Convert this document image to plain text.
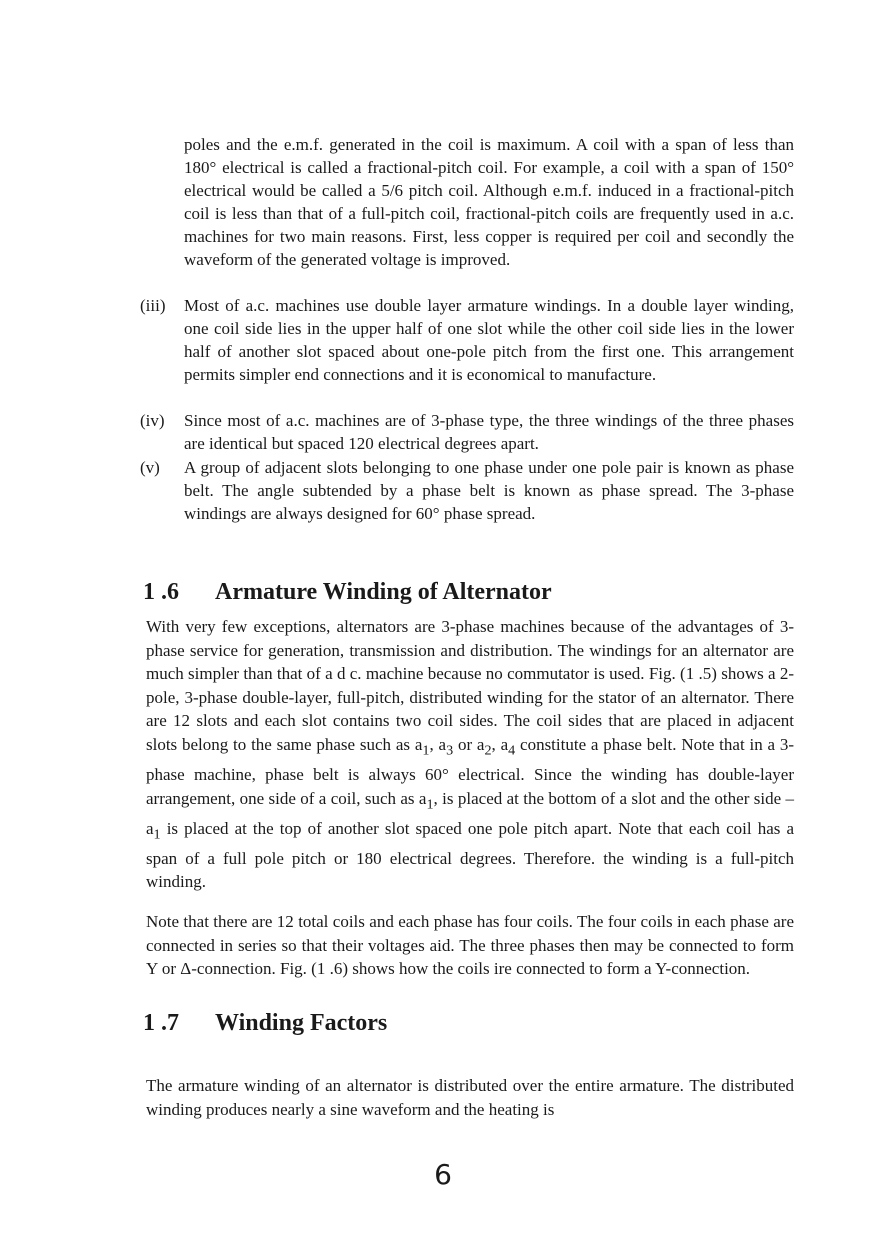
poles and the e.m.f. generated in the coil is maximum. A coil with a span of less than 180° electrical is called a fractional-pitch coil. For example, a coil with a span of 150° electrical would be called a 5/6 pitch coil. Although e.m.f. induced in a fractional-pitch coil is less than that of a full-pitch coil, fractional-pitch coils are frequently used in a.c. machines for two main reasons. First, less copper is required per coil and secondly the waveform of the generated voltage is improved.

(iii) Most of a.c. machines use double layer armature windings. In a double layer winding, one coil side lies in the upper half of one slot while the other coil side lies in the lower half of another slot spaced about one-pole pitch from the first one. This arrangement permits simpler end connections and it is economical to manufacture.

(iv) Since most of a.c. machines are of 3-phase type, the three windings of the three phases are identical but spaced 120 electrical degrees apart.

(v) A group of adjacent slots belonging to one phase under one pole pair is known as phase belt. The angle subtended by a phase belt is known as phase spread. The 3-phase windings are always designed for 60° phase spread.

1 .6 Armature Winding of Alternator

With very few exceptions, alternators are 3-phase machines because of the advantages of 3-phase service for generation, transmission and distribution. The windings for an alternator are much simpler than that of a d c. machine because no commutator is used. Fig. (1 .5) shows a 2-pole, 3-phase double-layer, full-pitch, distributed winding for the stator of an alternator. There are 12 slots and each slot contains two coil sides. The coil sides that are placed in adjacent slots belong to the same phase such as $a_1$, $a_3$ or $a_2$, $a_4$ constitute a phase belt. Note that in a 3-phase machine, phase belt is always 60° electrical. Since the winding has double-layer arrangement, one side of a coil, such as $a_1$, is placed at the bottom of a slot and the other side – $a_1$ is placed at the top of another slot spaced one pole pitch apart. Note that each coil has a span of a full pole pitch or 180 electrical degrees. Therefore. the winding is a full-pitch winding.

Note that there are 12 total coils and each phase has four coils. The four coils in each phase are connected in series so that their voltages aid. The three phases then may be connected to form Y or Δ-connection. Fig. (1 .6) shows how the coils ire connected to form a Y-connection.

1 .7 Winding Factors

The armature winding of an alternator is distributed over the entire armature. The distributed winding produces nearly a sine waveform and the heating is

6
